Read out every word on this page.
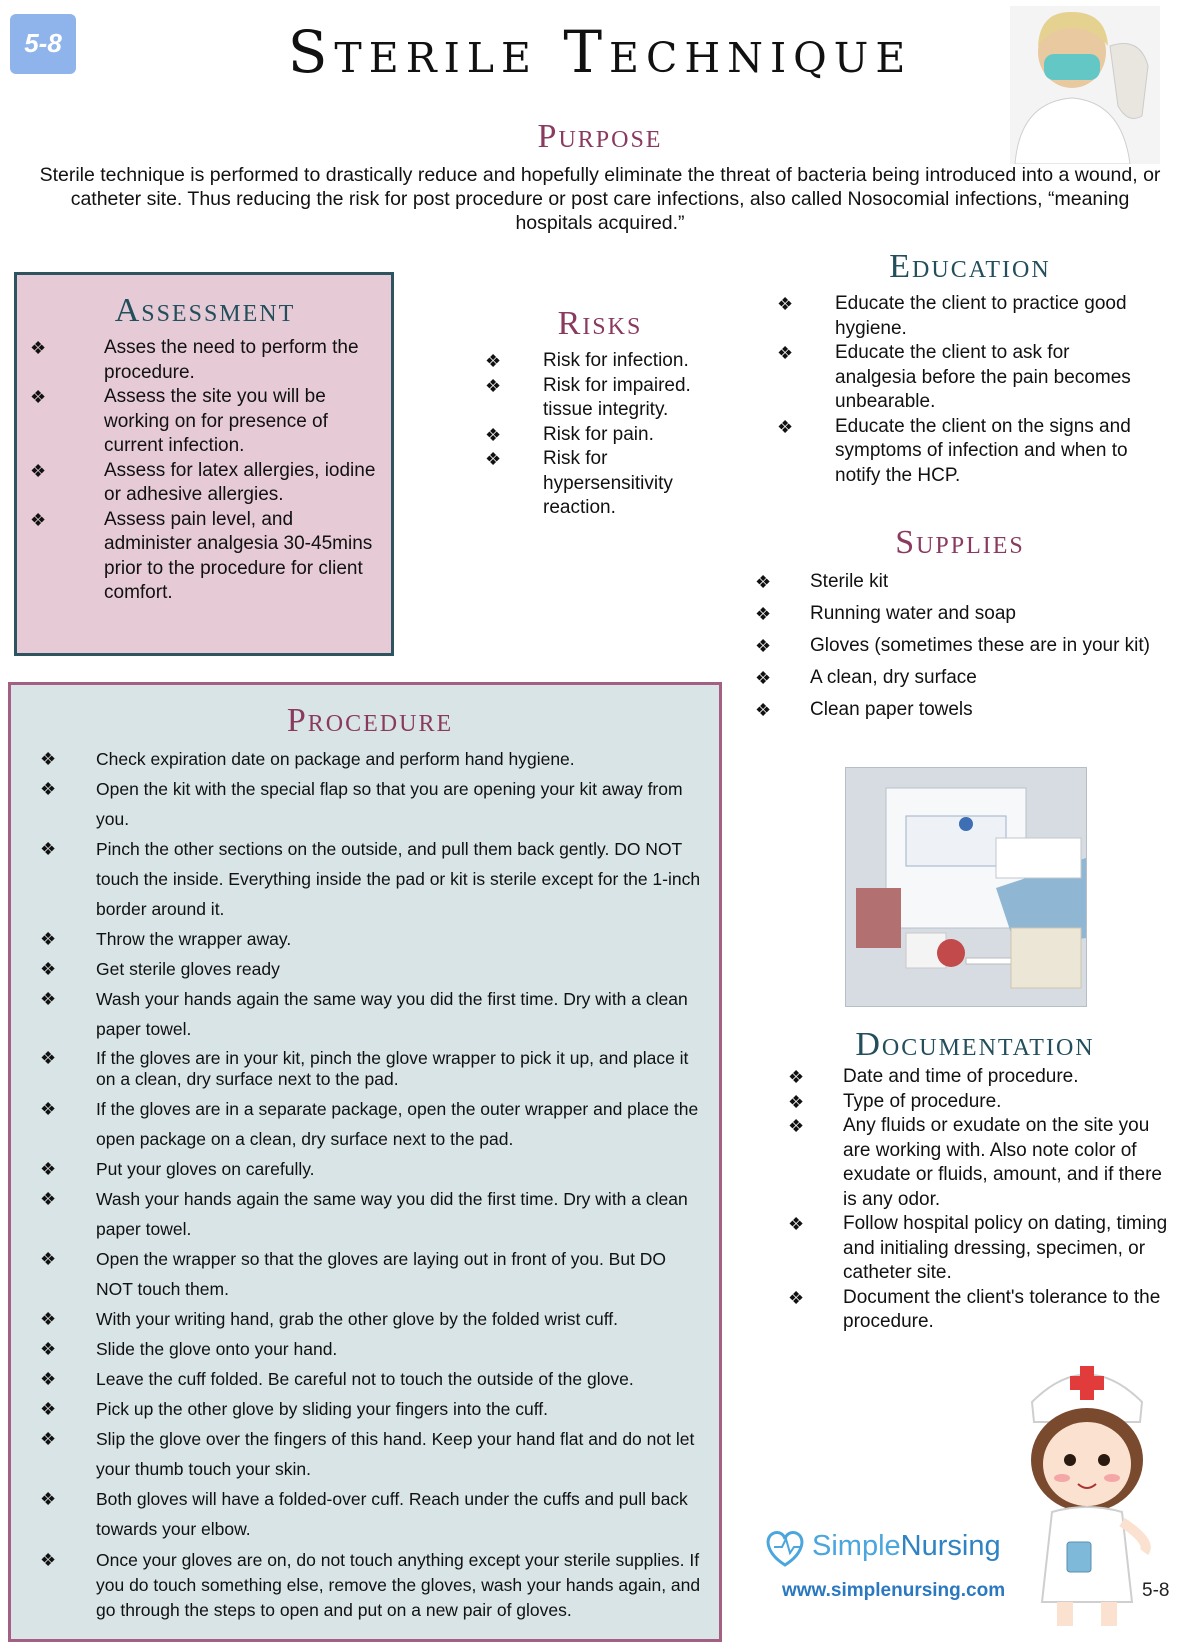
5-8	Sterile Technique
Purpose
Sterile technique is performed to drastically reduce and hopefully eliminate the threat of bacteria being introduced into a wound, or catheter site. Thus reducing the risk for post procedure or post care infections, also called Nosocomial infections, “meaning hospitals acquired.”
Assessment
❖	Asses the need to perform the procedure.
❖	Assess the site you will be working on for presence of current infection.
❖	Assess for latex allergies, iodine or adhesive allergies.
❖	Assess pain level, and administer analgesia 30-45mins prior to the procedure for client comfort.
Risks
❖ Risk for infection.
❖ Risk for impaired. tissue integrity.
❖ Risk for pain.
❖ Risk for hypersensitivity reaction.
Education
❖ Educate the client to practice good hygiene.
❖ Educate the client to ask for analgesia before the pain becomes unbearable.
❖ Educate the client on the signs and symptoms of infection and when to notify the HCP.
Supplies
❖ Sterile kit
❖ Running water and soap
❖ Gloves (sometimes these are in your kit)
❖ A clean, dry surface
❖ Clean paper towels
Procedure
❖ Check expiration date on package and perform hand hygiene.
❖ Open the kit with the special flap so that you are opening your kit away from you.
❖ Pinch the other sections on the outside, and pull them back gently. DO NOT touch the inside. Everything inside the pad or kit is sterile except for the 1-inch border around it.
❖ Throw the wrapper away.
❖ Get sterile gloves ready
❖ Wash your hands again the same way you did the first time. Dry with a clean paper towel.
❖ If the gloves are in your kit, pinch the glove wrapper to pick it up, and place it on a clean, dry surface next to the pad.
❖ If the gloves are in a separate package, open the outer wrapper and place the open package on a clean, dry surface next to the pad.
❖ Put your gloves on carefully.
❖ Wash your hands again the same way you did the first time. Dry with a clean paper towel.
❖ Open the wrapper so that the gloves are laying out in front of you. But DO NOT touch them.
❖ With your writing hand, grab the other glove by the folded wrist cuff.
❖ Slide the glove onto your hand.
❖ Leave the cuff folded. Be careful not to touch the outside of the glove.
❖ Pick up the other glove by sliding your fingers into the cuff.
❖ Slip the glove over the fingers of this hand. Keep your hand flat and do not let your thumb touch your skin.
❖ Both gloves will have a folded-over cuff. Reach under the cuffs and pull back towards your elbow.
❖ Once your gloves are on, do not touch anything except your sterile supplies. If you do touch something else, remove the gloves, wash your hands again, and go through the steps to open and put on a new pair of gloves.
Documentation
❖ Date and time of procedure.
❖ Type of procedure.
❖ Any fluids or exudate on the site you are working with. Also note color of exudate or fluids, amount, and if there is any odor.
❖ Follow hospital policy on dating, timing and initialing dressing, specimen, or catheter site.
❖ Document the client's tolerance to the procedure.
SimpleNursing
www.simplenursing.com	5-8
